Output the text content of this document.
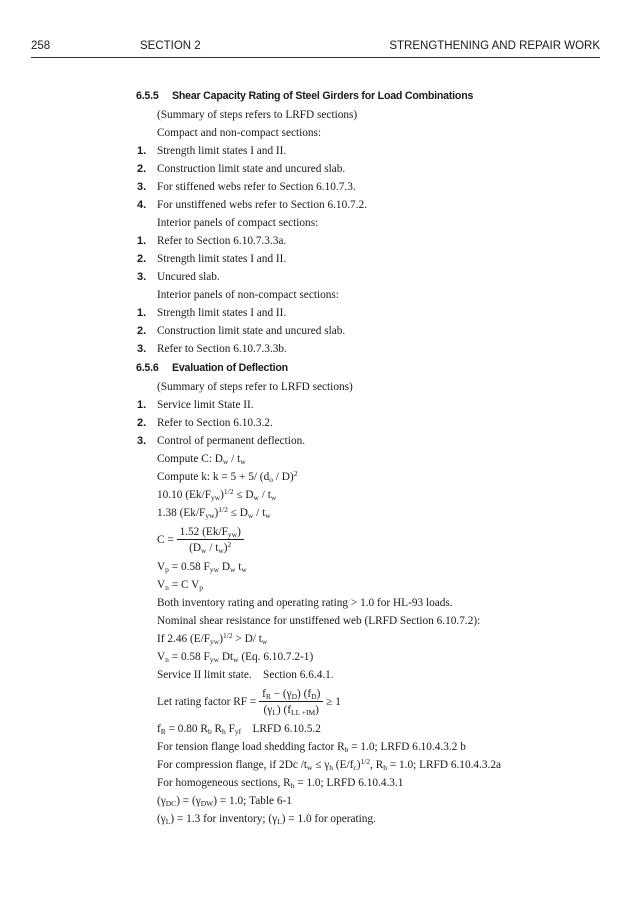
258	SECTION 2	STRENGTHENING AND REPAIR WORK
6.5.5 Shear Capacity Rating of Steel Girders for Load Combinations
(Summary of steps refers to LRFD sections)
Compact and non-compact sections:
1. Strength limit states I and II.
2. Construction limit state and uncured slab.
3. For stiffened webs refer to Section 6.10.7.3.
4. For unstiffened webs refer to Section 6.10.7.2.
Interior panels of compact sections:
1. Refer to Section 6.10.7.3.3a.
2. Strength limit states I and II.
3. Uncured slab.
Interior panels of non-compact sections:
1. Strength limit states I and II.
2. Construction limit state and uncured slab.
3. Refer to Section 6.10.7.3.3b.
6.5.6 Evaluation of Deflection
(Summary of steps refer to LRFD sections)
1. Service limit State II.
2. Refer to Section 6.10.3.2.
3. Control of permanent deflection.
Compute C: $D_w / t_w$
Compute k: k = 5 + 5/ $(d_o / D)^2$
10.10 $(Ek/F_{yw})^{1/2} \le D_w / t_w$
1.38 $(Ek/F_{yw})^{1/2} \le D_w / t_w$
$C = \frac{1.52 (Ek/F_{yw})}{(D_w / t_w)^2}$
$V_p = 0.58$ $F_{yw}$ $D_w$ $t_w$
$V_n = C$ $V_p$
Both inventory rating and operating rating > 1.0 for HL-93 loads.
Nominal shear resistance for unstiffened web (LRFD Section 6.10.7.2):
If 2.46 $(E/F_{yw})^{1/2} > D/$ $t_w$
$V_n = 0.58$ $F_{yw}$ $Dt_w$ (Eq. 6.10.7.2-1)
Service II limit state.    Section 6.6.4.1.
Let rating factor RF = $\frac{f_R - (\gamma_D) (f_D)}{(\gamma_L) (f_{LL +IM})} \ge 1$
$f_R = 0.80$ $R_b$ $R_h$ $F_{yf}$    LRFD 6.10.5.2
For tension flange load shedding factor $R_b = 1.0$; LRFD 6.10.4.3.2 b
For compression flange, if 2Dc $/t_w \le \gamma_h$ $(E/f_c)^{1/2}$, $R_h = 1.0$; LRFD 6.10.4.3.2a
For homogeneous sections, $R_h = 1.0$; LRFD 6.10.4.3.1
$(\gamma_{DC}) = (\gamma_{DW}) = 1.0$; Table 6-1
$(\gamma_L) = 1.3$ for inventory; $(\gamma_L) = 1.0$ for operating.
